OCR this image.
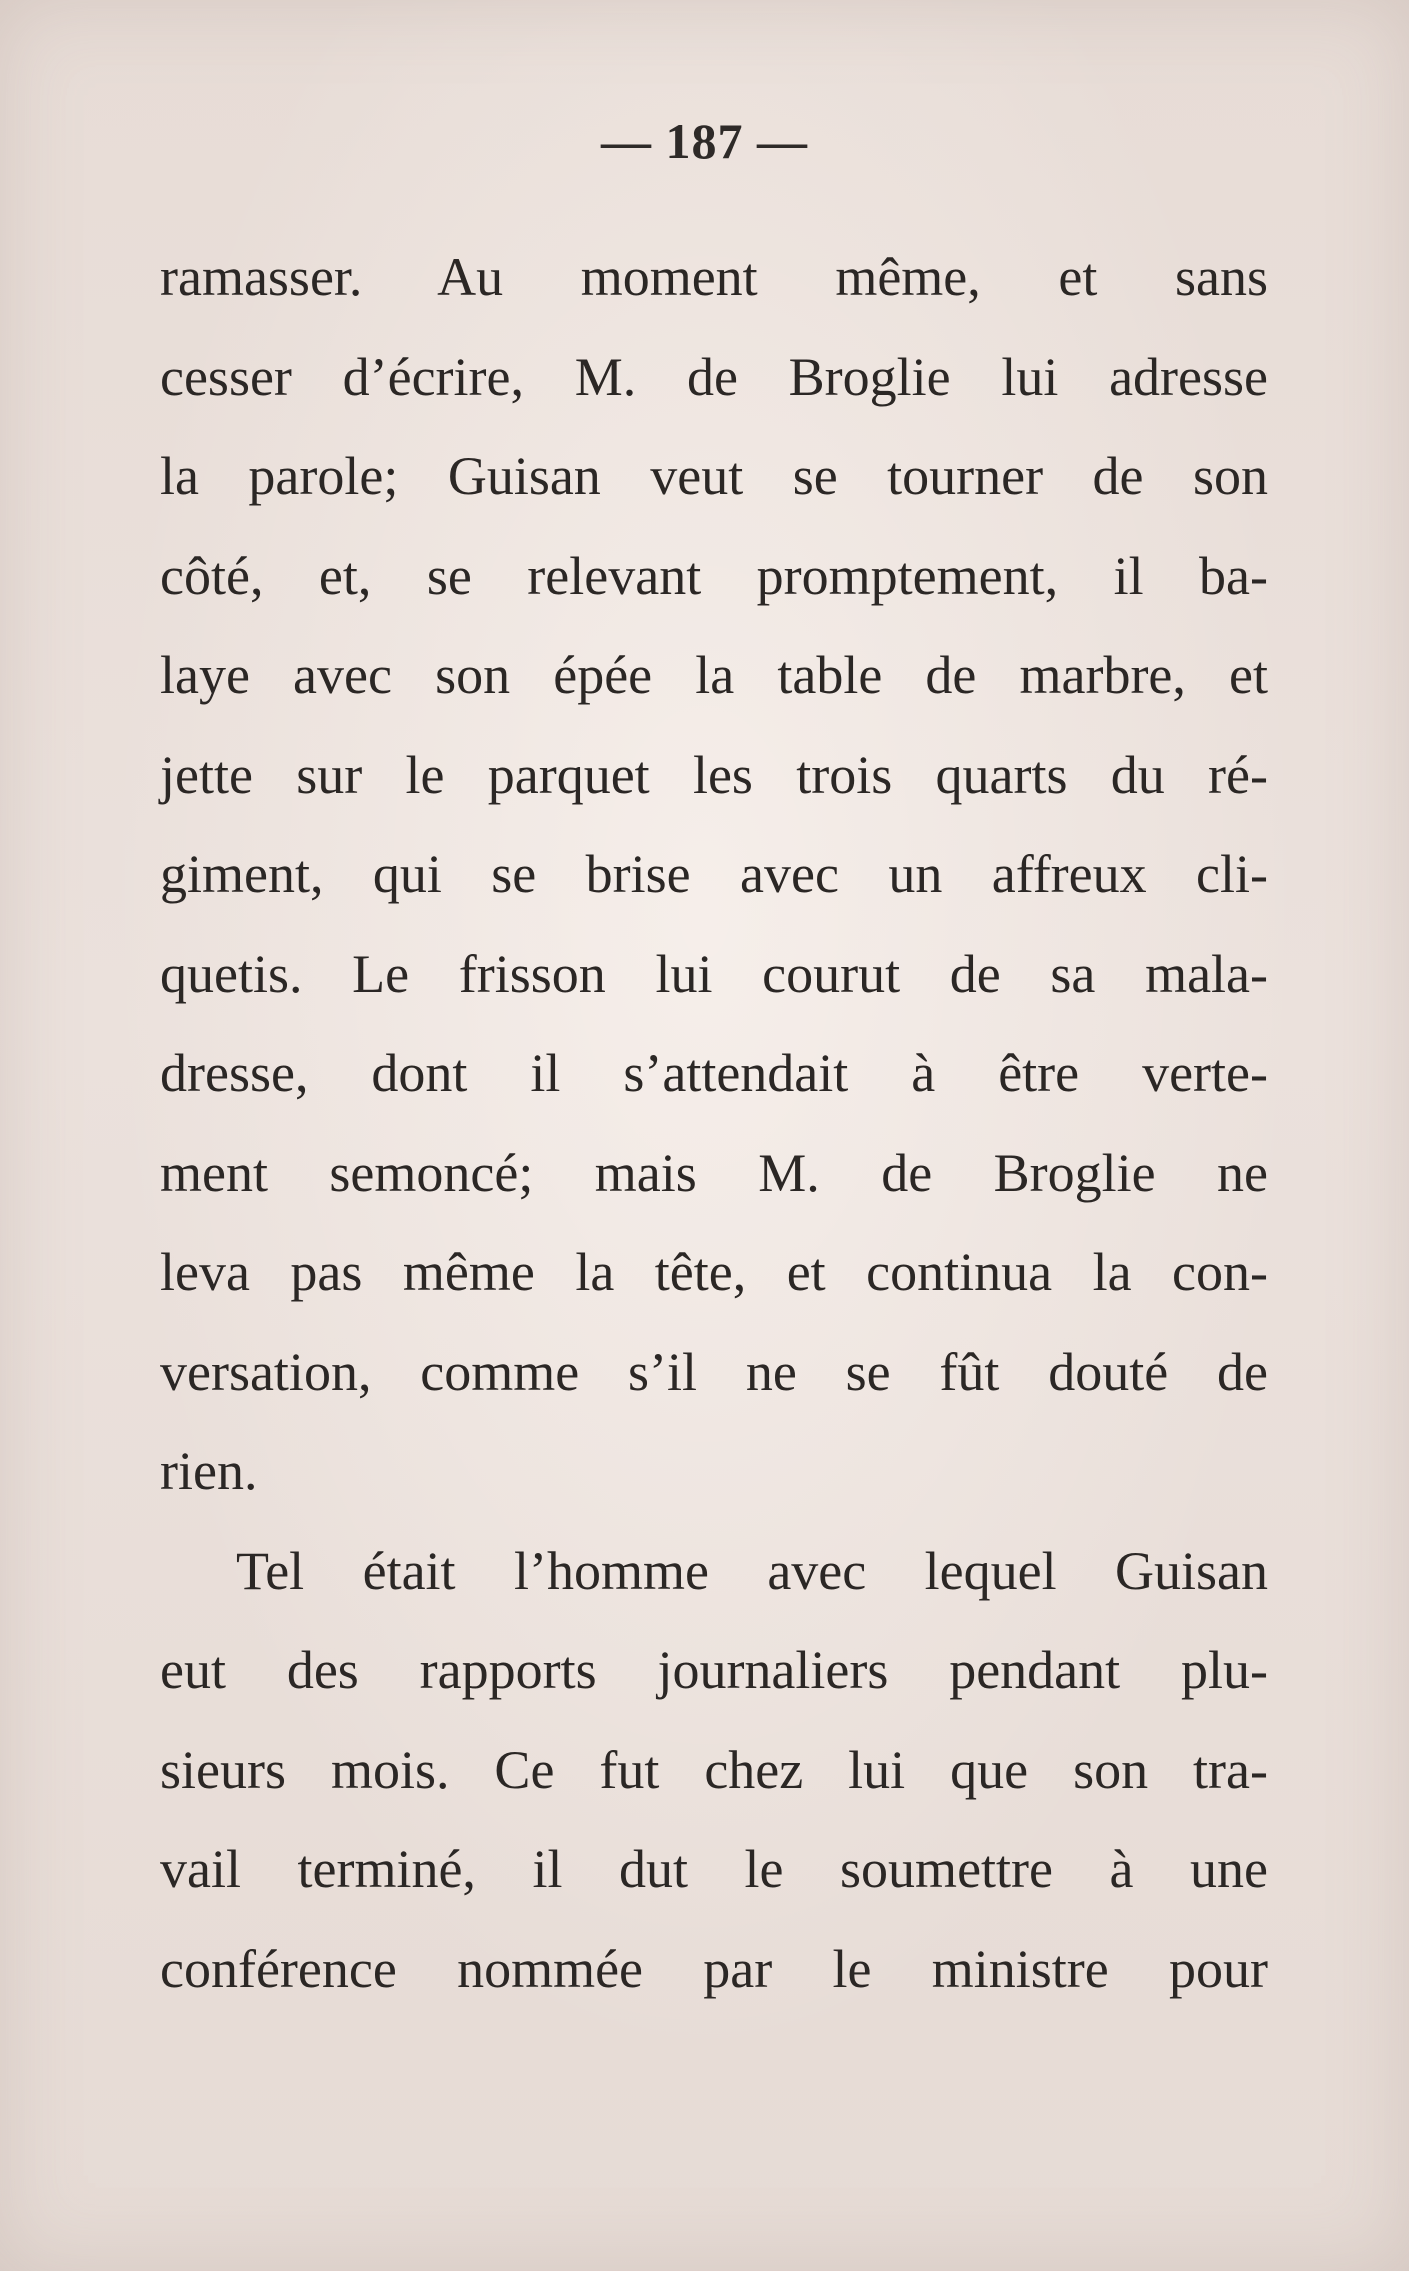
— 187 —
ramasser. Au moment même, et sans
cesser d’écrire, M. de Broglie lui adresse
la parole; Guisan veut se tourner de son
côté, et, se relevant promptement, il ba-
laye avec son épée la table de marbre, et
jette sur le parquet les trois quarts du ré-
giment, qui se brise avec un affreux cli-
quetis. Le frisson lui courut de sa mala-
dresse, dont il s’attendait à être verte-
ment semoncé; mais M. de Broglie ne
leva pas même la tête, et continua la con-
versation, comme s’il ne se fût douté de
rien.
Tel était l’homme avec lequel Guisan
eut des rapports journaliers pendant plu-
sieurs mois. Ce fut chez lui que son tra-
vail terminé, il dut le soumettre à une
conférence nommée par le ministre pour
